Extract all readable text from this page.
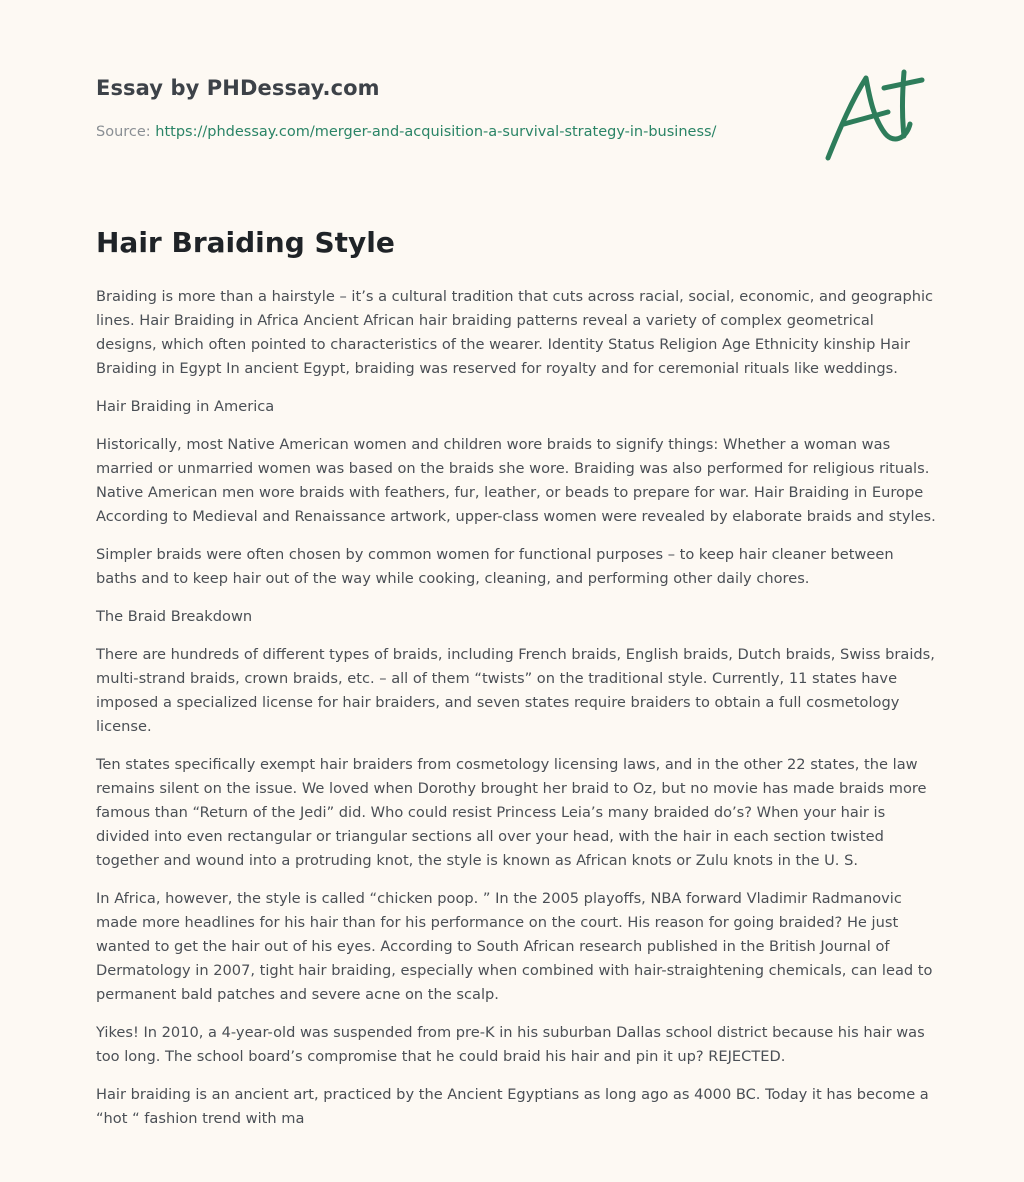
Essay by PHDessay.com
Source: https://phdessay.com/merger-and-acquisition-a-survival-strategy-in-business/
Hair Braiding Style

Braiding is more than a hairstyle – it’s a cultural tradition that cuts across racial, social, economic, and geographic lines. Hair Braiding in Africa Ancient African hair braiding patterns reveal a variety of complex geometrical designs, which often pointed to characteristics of the wearer. Identity Status Religion Age Ethnicity kinship Hair Braiding in Egypt In ancient Egypt, braiding was reserved for royalty and for ceremonial rituals like weddings.

Hair Braiding in America

Historically, most Native American women and children wore braids to signify things: Whether a woman was married or unmarried women was based on the braids she wore. Braiding was also performed for religious rituals. Native American men wore braids with feathers, fur, leather, or beads to prepare for war. Hair Braiding in Europe According to Medieval and Renaissance artwork, upper-class women were revealed by elaborate braids and styles.

Simpler braids were often chosen by common women for functional purposes – to keep hair cleaner between baths and to keep hair out of the way while cooking, cleaning, and performing other daily chores.

The Braid Breakdown

There are hundreds of different types of braids, including French braids, English braids, Dutch braids, Swiss braids, multi-strand braids, crown braids, etc. – all of them “twists” on the traditional style. Currently, 11 states have imposed a specialized license for hair braiders, and seven states require braiders to obtain a full cosmetology license.

Ten states specifically exempt hair braiders from cosmetology licensing laws, and in the other 22 states, the law remains silent on the issue. We loved when Dorothy brought her braid to Oz, but no movie has made braids more famous than “Return of the Jedi” did. Who could resist Princess Leia’s many braided do’s? When your hair is divided into even rectangular or triangular sections all over your head, with the hair in each section twisted together and wound into a protruding knot, the style is known as African knots or Zulu knots in the U. S.

In Africa, however, the style is called “chicken poop. ” In the 2005 playoffs, NBA forward Vladimir Radmanovic made more headlines for his hair than for his performance on the court. His reason for going braided? He just wanted to get the hair out of his eyes. According to South African research published in the British Journal of Dermatology in 2007, tight hair braiding, especially when combined with hair-straightening chemicals, can lead to permanent bald patches and severe acne on the scalp.

Yikes! In 2010, a 4-year-old was suspended from pre-K in his suburban Dallas school district because his hair was too long. The school board’s compromise that he could braid his hair and pin it up? REJECTED.

Hair braiding is an ancient art, practiced by the Ancient Egyptians as long ago as 4000 BC. Today it has become a “hot “ fashion trend with ma
